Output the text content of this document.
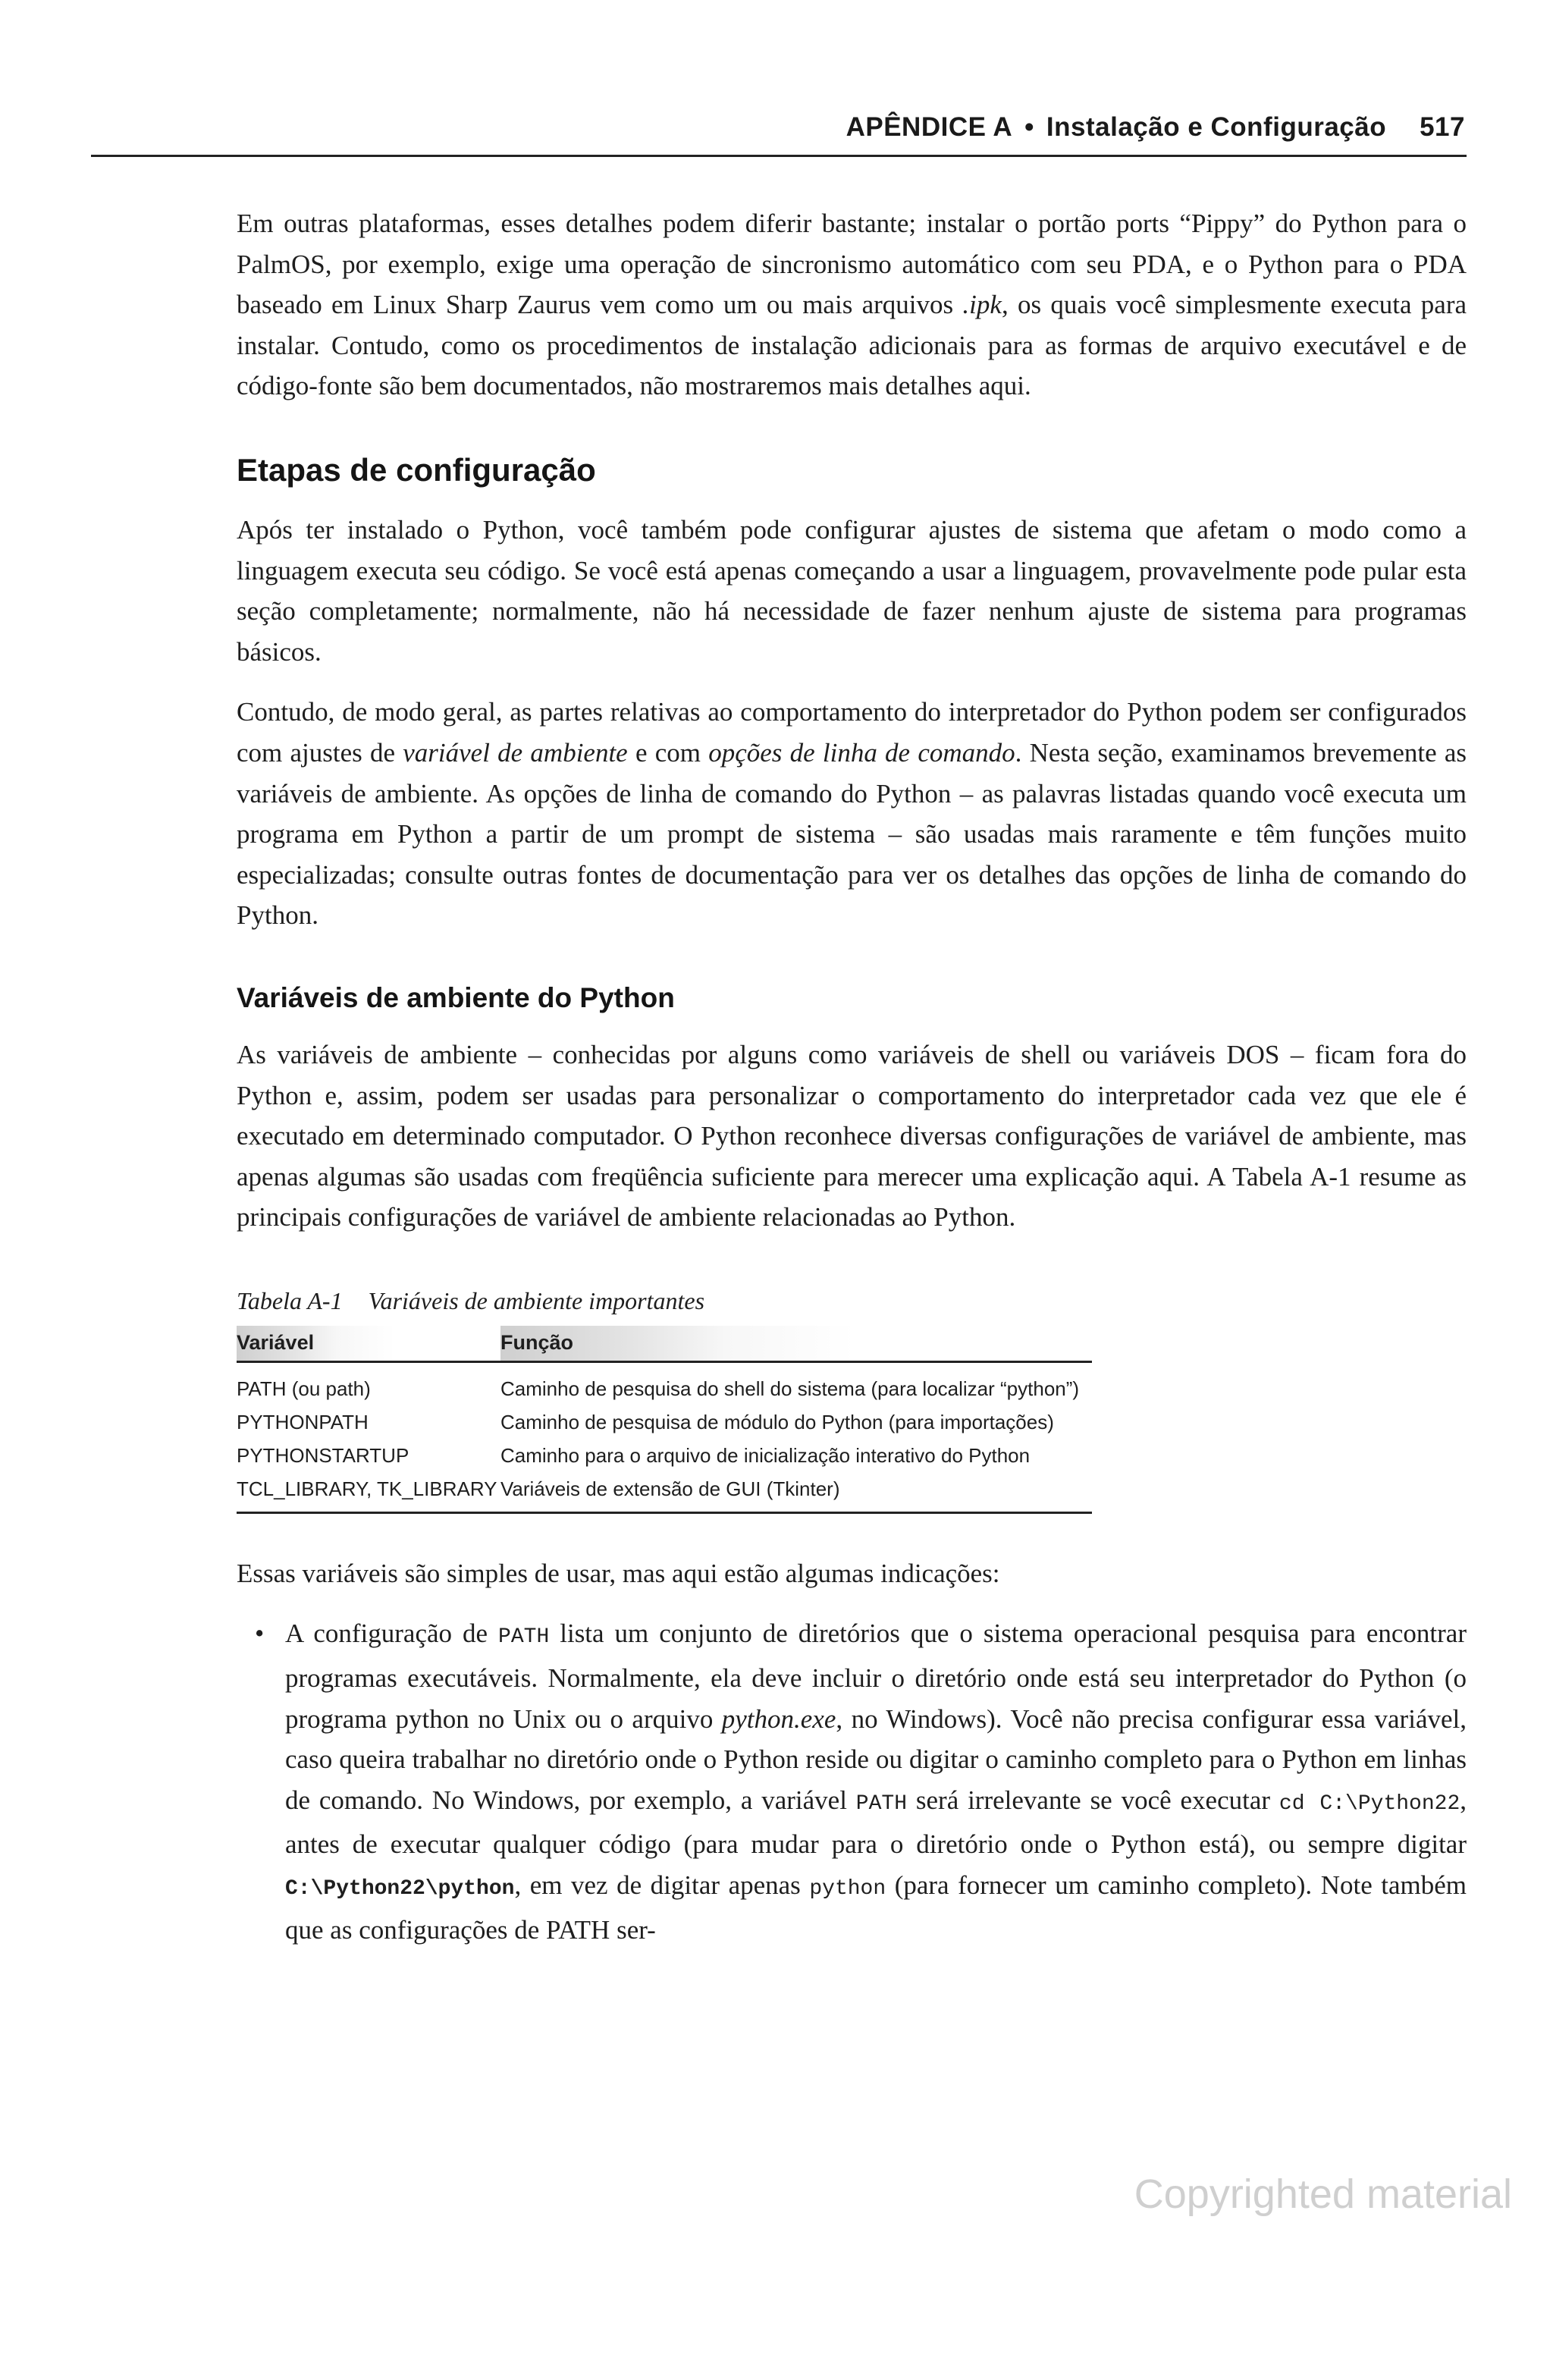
APÊNDICE A • Instalação e Configuração 517

Em outras plataformas, esses detalhes podem diferir bastante; instalar o portão ports “Pippy” do Python para o PalmOS, por exemplo, exige uma operação de sincronismo automático com seu PDA, e o Python para o PDA baseado em Linux Sharp Zaurus vem como um ou mais arquivos .ipk, os quais você simplesmente executa para instalar. Contudo, como os procedimentos de instalação adicionais para as formas de arquivo executável e de código-fonte são bem documentados, não mostraremos mais detalhes aqui.

Etapas de configuração

Após ter instalado o Python, você também pode configurar ajustes de sistema que afetam o modo como a linguagem executa seu código. Se você está apenas começando a usar a linguagem, provavelmente pode pular esta seção completamente; normalmente, não há necessidade de fazer nenhum ajuste de sistema para programas básicos.

Contudo, de modo geral, as partes relativas ao comportamento do interpretador do Python podem ser configurados com ajustes de variável de ambiente e com opções de linha de comando. Nesta seção, examinamos brevemente as variáveis de ambiente. As opções de linha de comando do Python – as palavras listadas quando você executa um programa em Python a partir de um prompt de sistema – são usadas mais raramente e têm funções muito especializadas; consulte outras fontes de documentação para ver os detalhes das opções de linha de comando do Python.

Variáveis de ambiente do Python

As variáveis de ambiente – conhecidas por alguns como variáveis de shell ou variáveis DOS – ficam fora do Python e, assim, podem ser usadas para personalizar o comportamento do interpretador cada vez que ele é executado em determinado computador. O Python reconhece diversas configurações de variável de ambiente, mas apenas algumas são usadas com freqüência suficiente para merecer uma explicação aqui. A Tabela A-1 resume as principais configurações de variável de ambiente relacionadas ao Python.

Tabela A-1 Variáveis de ambiente importantes
Variável	Função
PATH (ou path)	Caminho de pesquisa do shell do sistema (para localizar “python”)
PYTHONPATH	Caminho de pesquisa de módulo do Python (para importações)
PYTHONSTARTUP	Caminho para o arquivo de inicialização interativo do Python
TCL_LIBRARY, TK_LIBRARY	Variáveis de extensão de GUI (Tkinter)

Essas variáveis são simples de usar, mas aqui estão algumas indicações:

• A configuração de PATH lista um conjunto de diretórios que o sistema operacional pesquisa para encontrar programas executáveis. Normalmente, ela deve incluir o diretório onde está seu interpretador do Python (o programa python no Unix ou o arquivo python.exe, no Windows). Você não precisa configurar essa variável, caso queira trabalhar no diretório onde o Python reside ou digitar o caminho completo para o Python em linhas de comando. No Windows, por exemplo, a variável PATH será irrelevante se você executar cd C:\Python22, antes de executar qualquer código (para mudar para o diretório onde o Python está), ou sempre digitar C:\Python22\python, em vez de digitar apenas python (para fornecer um caminho completo). Note também que as configurações de PATH ser-
Copyrighted material
